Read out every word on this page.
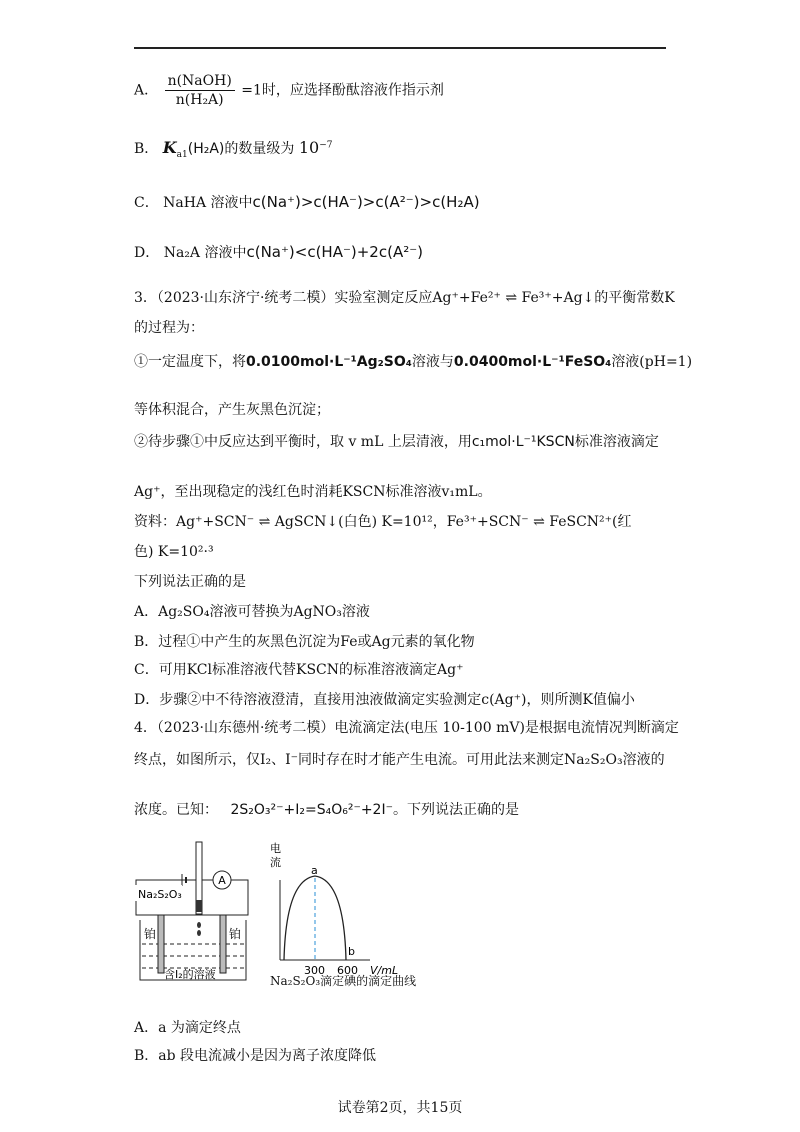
A． $\frac{\text{n(NaOH)}}{\text{n(H₂A)}} =1$时，应选择酚酞溶液作指示剂
B． $K_{a1}(H_2A)$的数量级为 $10^{-7}$
C． NaHA 溶液中c(Na⁺)>c(HA⁻)>c(A²⁻)>c(H₂A)
D． Na₂A 溶液中c(Na⁺)<c(HA⁻)+2c(A²⁻)
3．（2023·山东济宁·统考二模）实验室测定反应Ag⁺+Fe²⁺ ⇌ Fe³⁺+Ag↓的平衡常数K
的过程为：
①一定温度下，将0.0100mol·L⁻¹Ag₂SO₄溶液与0.0400mol·L⁻¹FeSO₄溶液(pH=1)
等体积混合，产生灰黑色沉淀；
②待步骤①中反应达到平衡时，取 v mL 上层清液，用c₁mol·L⁻¹KSCN标准溶液滴定
Ag⁺，至出现稳定的浅红色时消耗KSCN标准溶液v₁mL。
资料：Ag⁺+SCN⁻ ⇌ AgSCN↓(白色) K=10¹²，Fe³⁺+SCN⁻ ⇌ FeSCN²⁺(红
色) K=10²·³
下列说法正确的是
A．Ag₂SO₄溶液可替换为AgNO₃溶液
B．过程①中产生的灰黑色沉淀为Fe或Ag元素的氧化物
C．可用KCl标准溶液代替KSCN的标准溶液滴定Ag⁺
D．步骤②中不待溶液澄清，直接用浊液做滴定实验测定c(Ag⁺)，则所测K值偏小
4．（2023·山东德州·统考二模）电流滴定法(电压 10-100 mV)是根据电流情况判断滴定
终点，如图所示，仅I₂、I⁻同时存在时才能产生电流。可用此法来测定Na₂S₂O₃溶液的
浓度。已知： 2S₂O₃²⁻+I₂=S₄O₆²⁻+2I⁻。下列说法正确的是
A
Na₂S₂O₃
铂	铂
含I₂的溶液
电
流
a
b
300 600 V/mL
Na₂S₂O₃滴定碘的滴定曲线
A．a 为滴定终点
B．ab 段电流减小是因为离子浓度降低
试卷第2页，共15页
